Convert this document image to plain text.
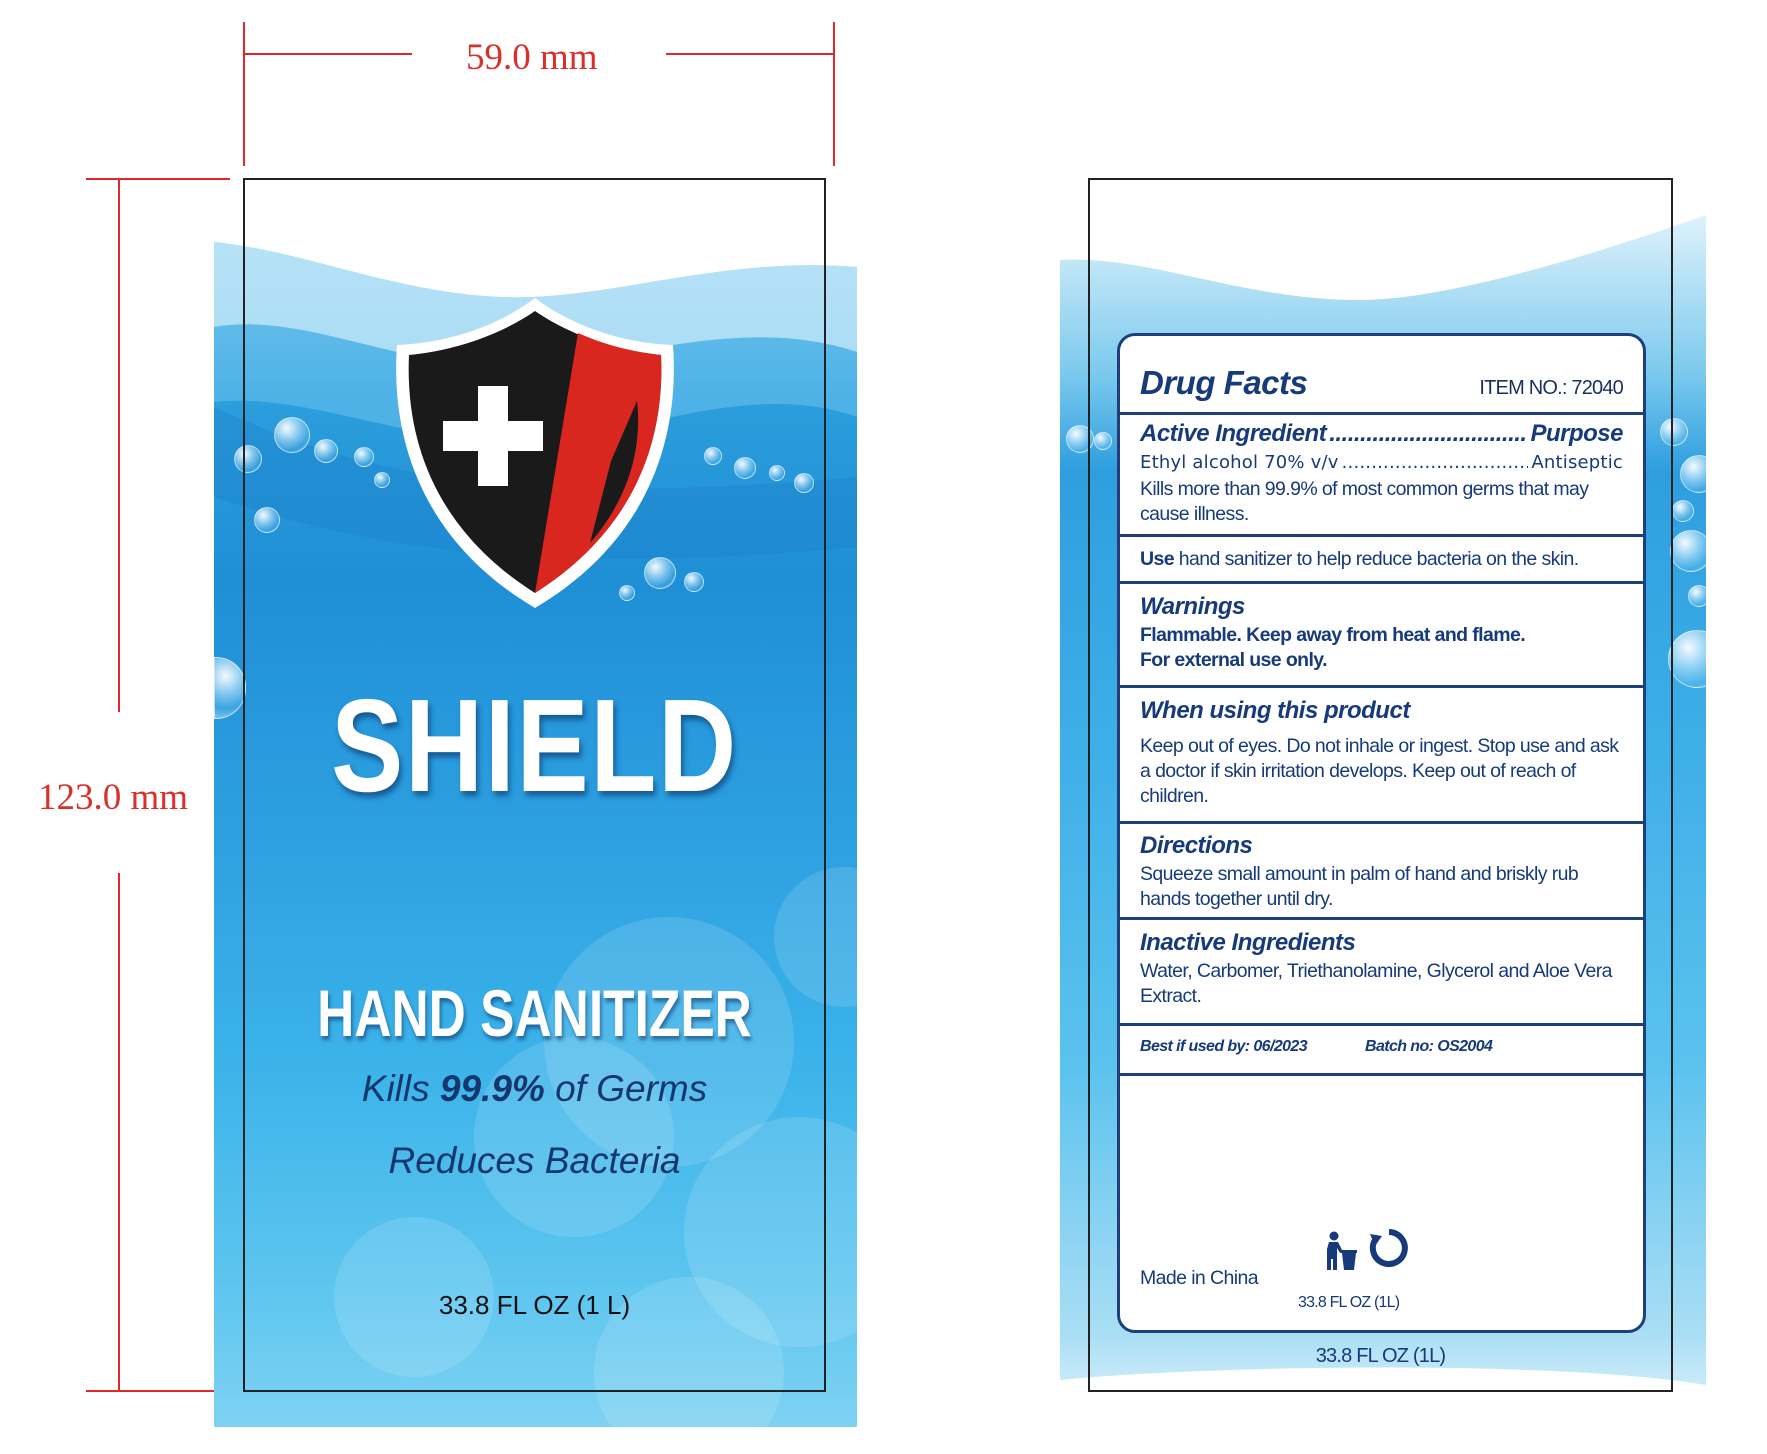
59.0 mm
123.0 mm SHIELD
HAND SANITIZER
Kills 99.9% of Germs
Reduces Bacteria
33.8 FL OZ (1 L)
Drug Facts	ITEM NO.: 72040
Active Ingredient .....	Purpose
Ethyl alcohol 70% v/v .....	Antiseptic
Kills more than 99.9% of most common germs that may cause illness.
Use hand sanitizer to help reduce bacteria on the skin.
Warnings
Flammable. Keep away from heat and flame.
For external use only.
When using this product
Keep out of eyes. Do not inhale or ingest. Stop use and ask a doctor if skin irritation develops. Keep out of reach of children.
Directions
Squeeze small amount in palm of hand and briskly rub hands together until dry.
Inactive Ingredients
Water, Carbomer, Triethanolamine, Glycerol and Aloe Vera Extract.
Best if used by: 06/2023	Batch no: OS2004
Made in China
33.8 FL OZ (1L)
33.8 FL OZ (1L)
